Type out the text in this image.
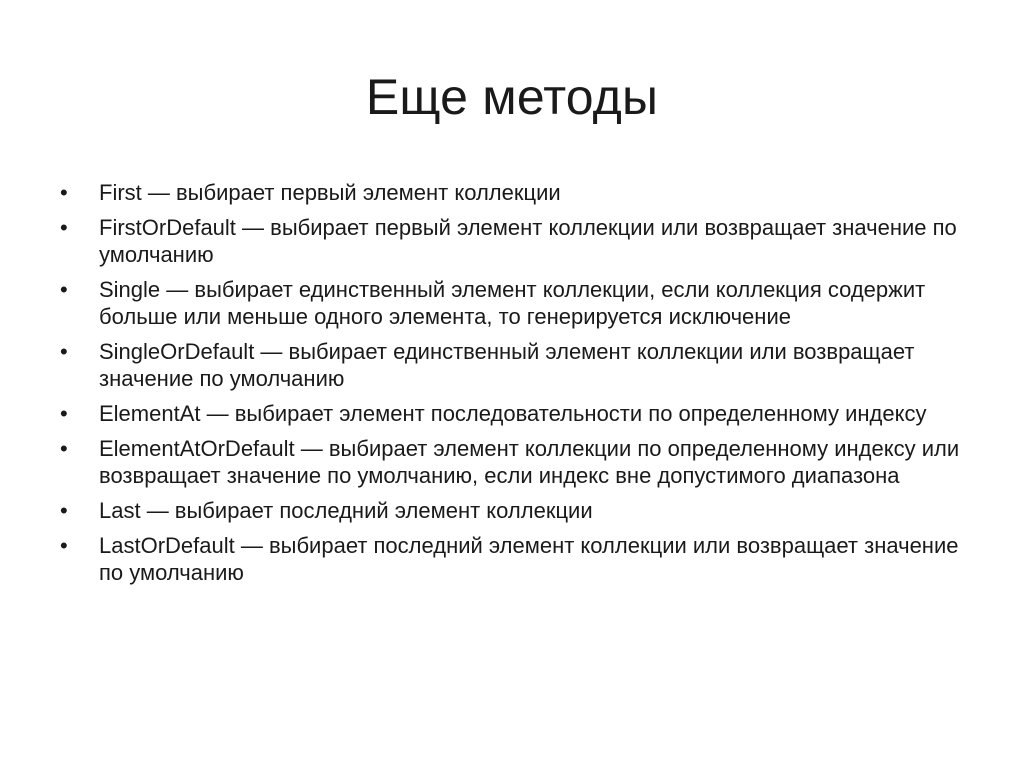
Еще методы
• First — выбирает первый элемент коллекции
• FirstOrDefault — выбирает первый элемент коллекции или возвращает значение по умолчанию
• Single — выбирает единственный элемент коллекции, если коллекция содержит больше или меньше одного элемента, то генерируется исключение
• SingleOrDefault — выбирает единственный элемент коллекции или возвращает значение по умолчанию
• ElementAt — выбирает элемент последовательности по определенному индексу
• ElementAtOrDefault — выбирает элемент коллекции по определенному индексу или возвращает значение по умолчанию, если индекс вне допустимого диапазона
• Last — выбирает последний элемент коллекции
• LastOrDefault — выбирает последний элемент коллекции или возвращает значение по умолчанию
